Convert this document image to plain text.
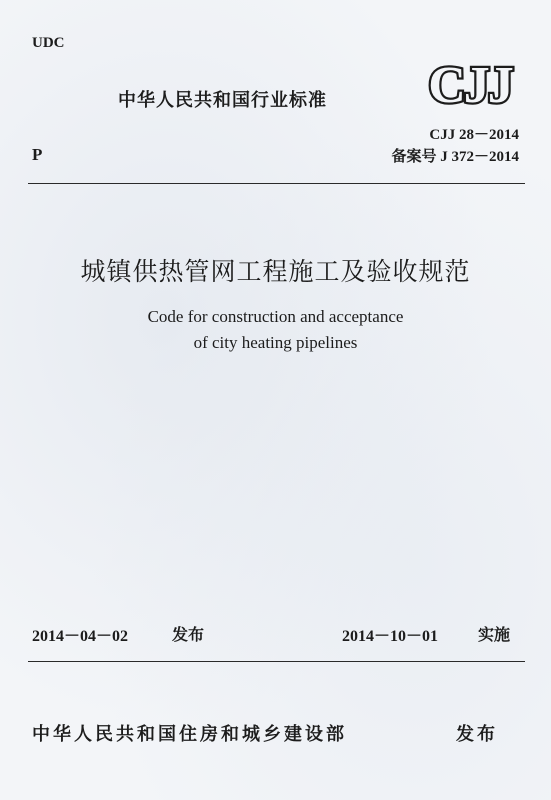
UDC
中华人民共和国行业标准 CJJ
CJJ 28－2014
P	备案号 J 372－2014
城镇供热管网工程施工及验收规范
Code for construction and acceptance
of city heating pipelines
2014－04－02	发布	2014－10－01 实施
中华人民共和国住房和城乡建设部	发布
